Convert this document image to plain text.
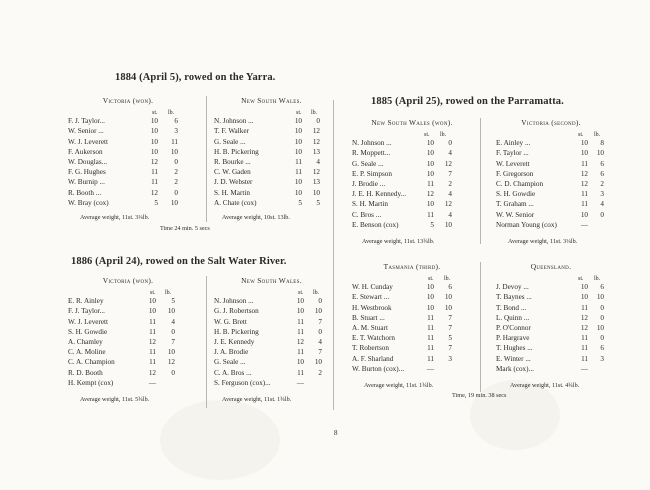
1884 (April 5), rowed on the Yarra.
1885 (April 25), rowed on the Parramatta.
1886 (April 24), rowed on the Salt Water River.
Victoria (won).
st. lb.
F. J. Taylor...	10	6
W. Senior ...	10	3
W. J. Leverett	10	11
F. Aukerson	10	10
W. Douglas...	12	0
F. G. Hughes	11	2
W. Burnip ...	11	2
R. Booth ...	12	0
W. Bray (cox)	5	10
New South Wales.
st. lb.
N. Johnson ...	10	0
T. F. Walker	10	12
G. Seale ...	10	12
H. B. Pickering	10	13
R. Bourke ...	11	4
C. W. Gaden	11	12
J. D. Webster	10	13
S. H. Martin	10	10
A. Chate (cox)	5	5
Average weight, 11st. 3¼lb.	Average weight, 10st. 13lb.
Time 24 min. 5 secs
New South Wales (won).
st. lb.
N. Johnson ...	10	0
R. Moppett...	10	4
G. Seale ...	10	12
E. P. Simpson	10	7
J. Brodie ...	11	2
J. E. H. Kennedy...	12	4
S. H. Martin	10	12
C. Bros ...	11	4
E. Benson (cox)	5	10
Victoria (second).
st. lb.
E. Ainley ...	10	8
F. Taylor ...	10	10
W. Leverett	11	6
F. Gregorson	12	6
C. D. Champion	12	2
S. H. Gowdie	11	3
T. Graham ...	11	4
W. W. Senior	10	0
Norman Young (cox)	—
Average weight, 11st. 13¾lb.	Average weight, 11st. 3¼lb.
Victoria (won).
st. lb.
E. R. Ainley	10	5
F. J. Taylor...	10	10
W. J. Leverett	11	4
S. H. Gowdie	11	0
A. Chamley	12	7
C. A. Moline	11	10
C. A. Champion	11	12
R. D. Booth	12	0
H. Kempt (cox)	—
New South Wales.
st. lb.
N. Johnson ...	10	0
G. J. Robertson	10	10
W. G. Brett	11	7
H. B. Pickering	11	0
J. E. Kennedy	12	4
J. A. Brodie	11	7
G. Seale ...	10	10
C. A. Bros ...	11	2
S. Ferguson (cox)...	—
Average weight, 11st. 5¾lb.	Average weight, 11st. 1¾lb.
Tasmania (third).
st. lb.
W. H. Cunday	10	6
E. Stewart ...	10	10
H. Westbrook	10	10
B. Stuart ...	11	7
A. M. Stuart	11	7
E. T. Watchorn	11	5
T. Robertson	11	7
A. F. Sharland	11	3
W. Burton (cox)...	—
Queensland.
st. lb.
J. Devoy ...	10	6
T. Baynes ...	10	10
T. Bond ...	11	0
L. Quinn ...	12	0
P. O'Connor	12	10
P. Hargrave	11	0
T. Hughes ...	11	6
E. Winter ...	11	3
Mark (cox)...	—
Average weight, 11st. 1¾lb.	Average weight, 11st. 4¾lb.
Time, 19 min. 38 secs
8
